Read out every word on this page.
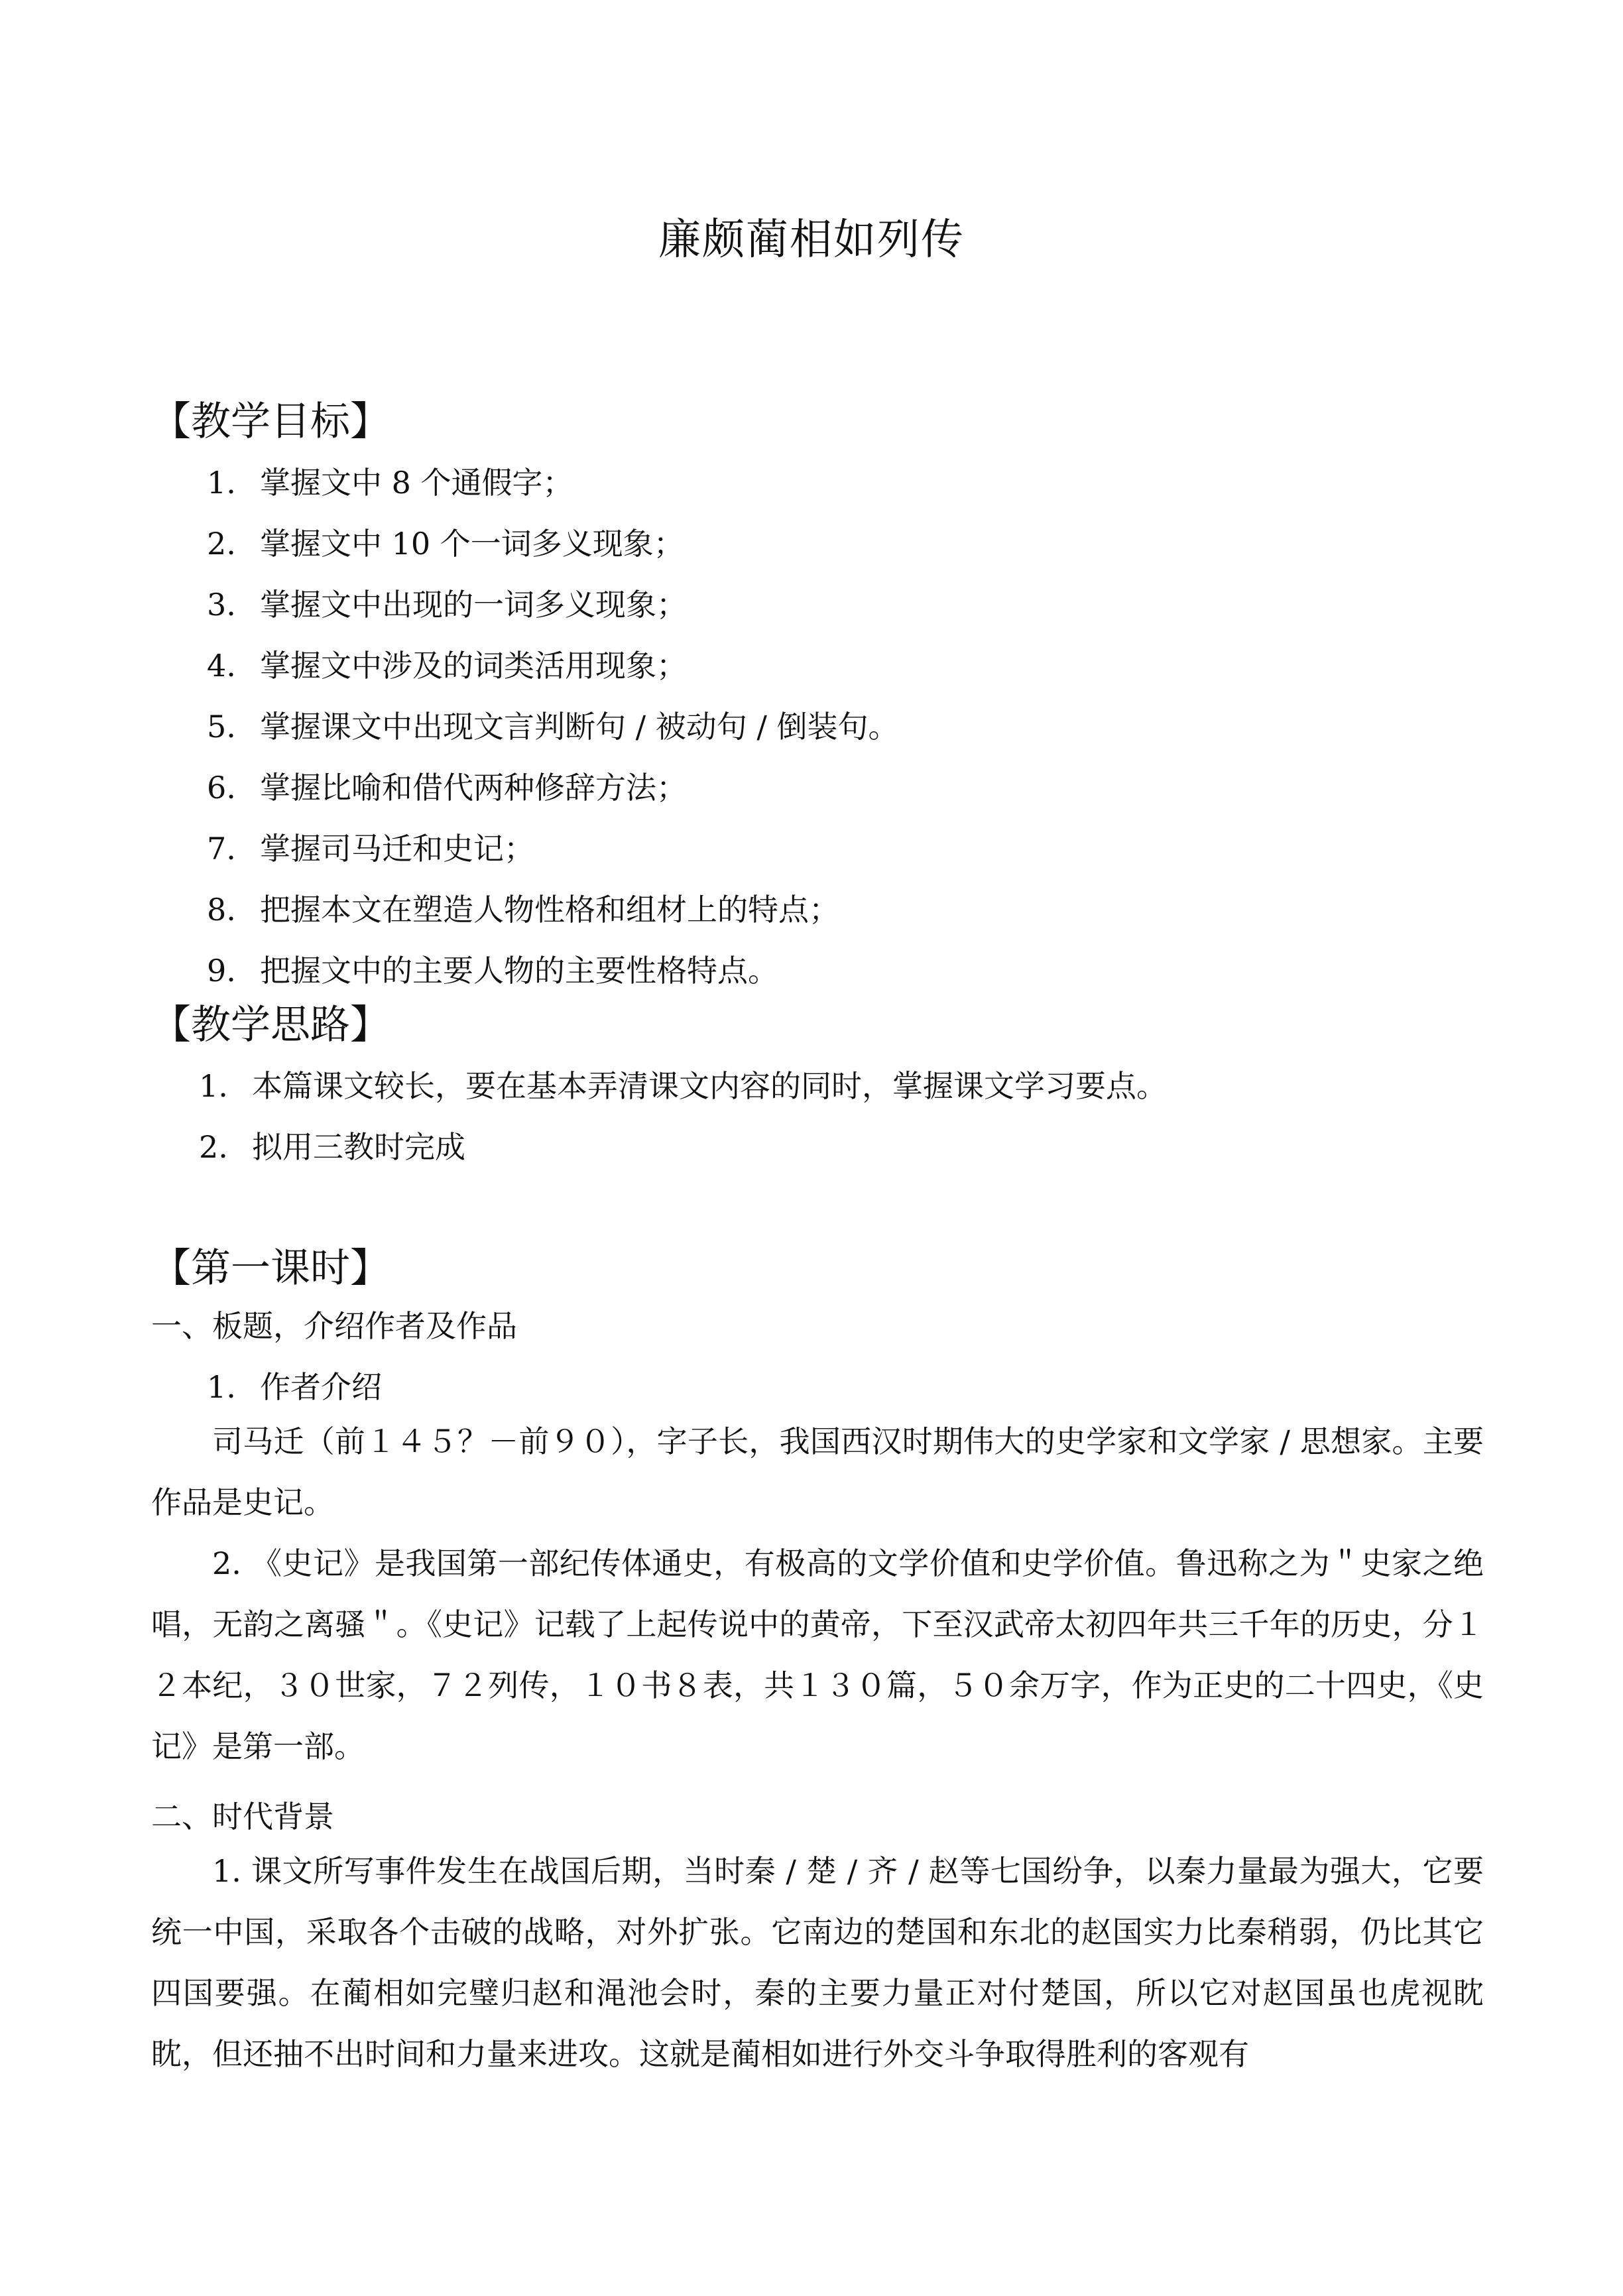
廉颇蔺相如列传
【教学目标】
1. 掌握文中 8 个通假字；
2. 掌握文中 10 个一词多义现象；
3. 掌握文中出现的一词多义现象；
4. 掌握文中涉及的词类活用现象；
5. 掌握课文中出现文言判断句 / 被动句 / 倒装句。
6. 掌握比喻和借代两种修辞方法；
7. 掌握司马迁和史记；
8. 把握本文在塑造人物性格和组材上的特点；
9. 把握文中的主要人物的主要性格特点。
【教学思路】
1. 本篇课文较长，要在基本弄清课文内容的同时，掌握课文学习要点。
2. 拟用三教时完成
【第一课时】
一、板题，介绍作者及作品
1. 作者介绍

司马迁（前１４５？－前９０），字子长，我国西汉时期伟大的史学家和文学家 / 思想家。主要作品是史记。

2. 《史记》是我国第一部纪传体通史，有极高的文学价值和史学价值。鲁迅称之为＂史家之绝唱，无韵之离骚＂。《史记》记载了上起传说中的黄帝，下至汉武帝太初四年共三千年的历史，分１２本纪，３０世家，７２列传，１０书８表，共１３０篇，５０余万字，作为正史的二十四史，《史记》是第一部。

二、时代背景

1. 课文所写事件发生在战国后期，当时秦 / 楚 / 齐 / 赵等七国纷争，以秦力量最为强大，它要统一中国，采取各个击破的战略，对外扩张。它南边的楚国和东北的赵国实力比秦稍弱，仍比其它四国要强。在蔺相如完璧归赵和渑池会时，秦的主要力量正对付楚国，所以它对赵国虽也虎视眈眈，但还抽不出时间和力量来进攻。这就是蔺相如进行外交斗争取得胜利的客观有
